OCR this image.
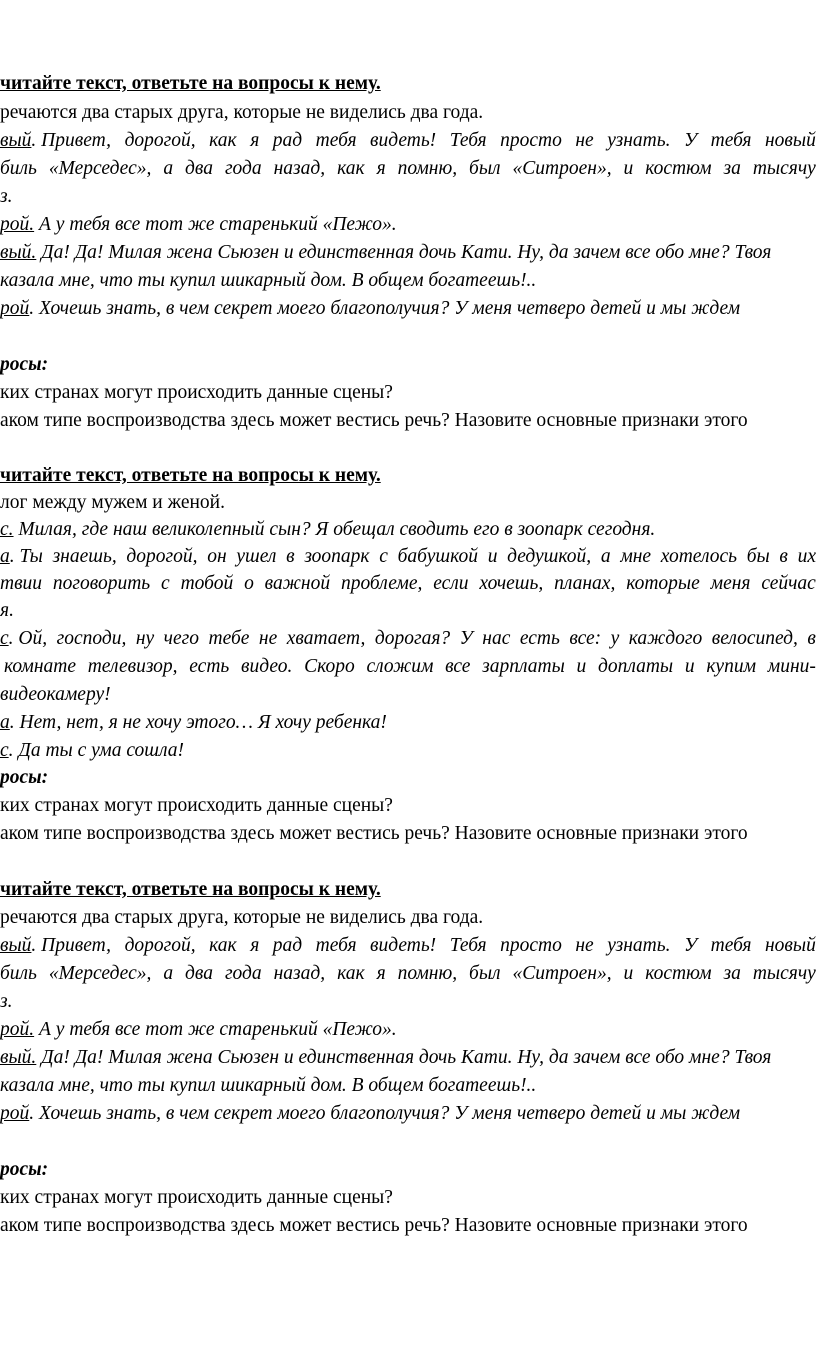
читайте текст, ответьте на вопросы к нему.
речаются два старых друга, которые не виделись два года.
вый. Привет, дорогой, как я рад тебя видеть! Тебя просто не узнать. У тебя новый
биль «Мерседес», а два года назад, как я помню, был «Ситроен», и костюм за тысячу
з.
рой. А у тебя все тот же старенький «Пежо».
вый. Да! Да! Милая жена Сьюзен и единственная дочь Кати. Ну, да зачем все обо мне? Твоя
казала мне, что ты купил шикарный дом. В общем богатеешь!..
рой. Хочешь знать, в чем секрет моего благополучия? У меня четверо детей и мы ждем
росы:
ких странах могут происходить данные сцены?
аком типе воспроизводства здесь может вестись речь? Назовите основные признаки этого
читайте текст, ответьте на вопросы к нему.
лог между мужем и женой.
с. Милая, где наш великолепный сын? Я обещал сводить его в зоопарк сегодня.
а. Ты знаешь, дорогой, он ушел в зоопарк с бабушкой и дедушкой, а мне хотелось бы в их
твии поговорить с тобой о важной проблеме, если хочешь, планах, которые меня сейчас
я.
с. Ой, господи, ну чего тебе не хватает, дорогая? У нас есть все: у каждого велосипед, в
комнате телевизор, есть видео. Скоро сложим все зарплаты и доплаты и купим мини-
видеокамеру!
а. Нет, нет, я не хочу этого… Я хочу ребенка!
с. Да ты с ума сошла!
росы:
ких странах могут происходить данные сцены?
аком типе воспроизводства здесь может вестись речь? Назовите основные признаки этого
читайте текст, ответьте на вопросы к нему.
речаются два старых друга, которые не виделись два года.
вый. Привет, дорогой, как я рад тебя видеть! Тебя просто не узнать. У тебя новый
биль «Мерседес», а два года назад, как я помню, был «Ситроен», и костюм за тысячу
з.
рой. А у тебя все тот же старенький «Пежо».
вый. Да! Да! Милая жена Сьюзен и единственная дочь Кати. Ну, да зачем все обо мне? Твоя
казала мне, что ты купил шикарный дом. В общем богатеешь!..
рой. Хочешь знать, в чем секрет моего благополучия? У меня четверо детей и мы ждем
росы:
ких странах могут происходить данные сцены?
аком типе воспроизводства здесь может вестись речь? Назовите основные признаки этого
